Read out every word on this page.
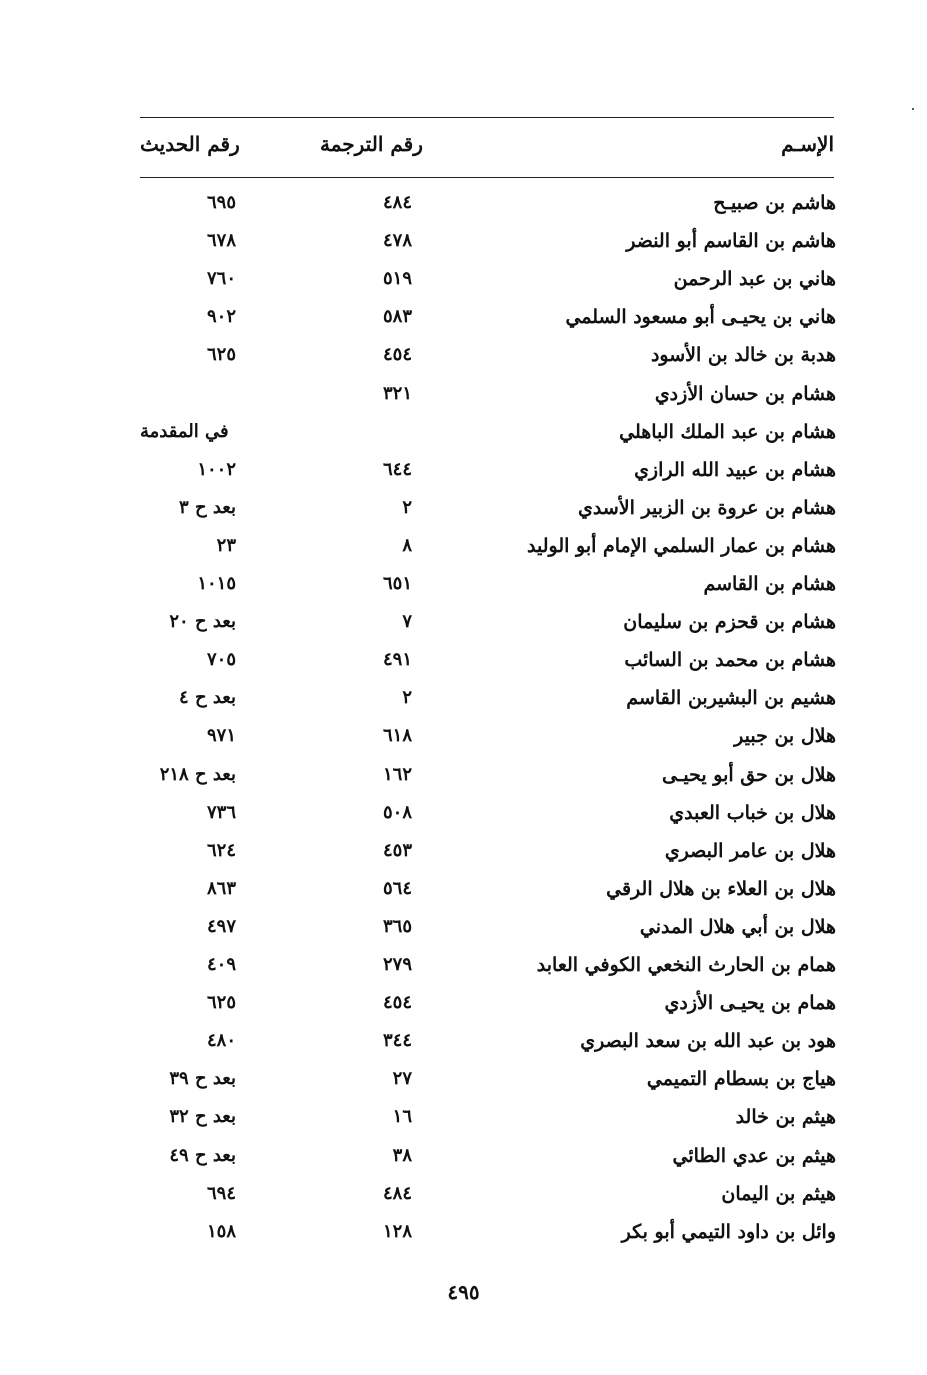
الإسـم
رقم الترجمة
رقم الحديث
هاشم بن صبيـح
٤٨٤
٦٩٥
هاشم بن القاسم أبو النضر
٤٧٨
٦٧٨
هاني بن عبد الرحمن
٥١٩
٧٦٠
هاني بن يحيـى أبو مسعود السلمي
٥٨٣
٩٠٢
هدبة بن خالد بن الأسود
٤٥٤
٦٢٥
هشام بن حسان الأزدي
٣٢١
هشام بن عبد الملك الباهلي
في المقدمة
هشام بن عبيد الله الرازي
٦٤٤
١٠٠٢
هشام بن عروة بن الزبير الأسدي
٢
بعد ح ٣
هشام بن عمار السلمي الإمام أبو الوليد
٨
٢٣
هشام بن القاسم
٦٥١
١٠١٥
هشام بن قحزم بن سليمان
٧
بعد ح ٢٠
هشام بن محمد بن السائب
٤٩١
٧٠٥
هشيم بن البشيربن القاسم
٢
بعد ح ٤
هلال بن جبير
٦١٨
٩٧١
هلال بن حق أبو يحيـى
١٦٢
بعد ح ٢١٨
هلال بن خباب العبدي
٥٠٨
٧٣٦
هلال بن عامر البصري
٤٥٣
٦٢٤
هلال بن العلاء بن هلال الرقي
٥٦٤
٨٦٣
هلال بن أبي هلال المدني
٣٦٥
٤٩٧
همام بن الحارث النخعي الكوفي العابد
٢٧٩
٤٠٩
همام بن يحيـى الأزدي
٤٥٤
٦٢٥
هود بن عبد الله بن سعد البصري
٣٤٤
٤٨٠
هياج بن بسطام التميمي
٢٧
بعد ح ٣٩
هيثم بن خالد
١٦
بعد ح ٣٢
هيثم بن عدي الطائي
٣٨
بعد ح ٤٩
هيثم بن اليمان
٤٨٤
٦٩٤
وائل بن داود التيمي أبو بكر
١٢٨
١٥٨
٤٩٥
